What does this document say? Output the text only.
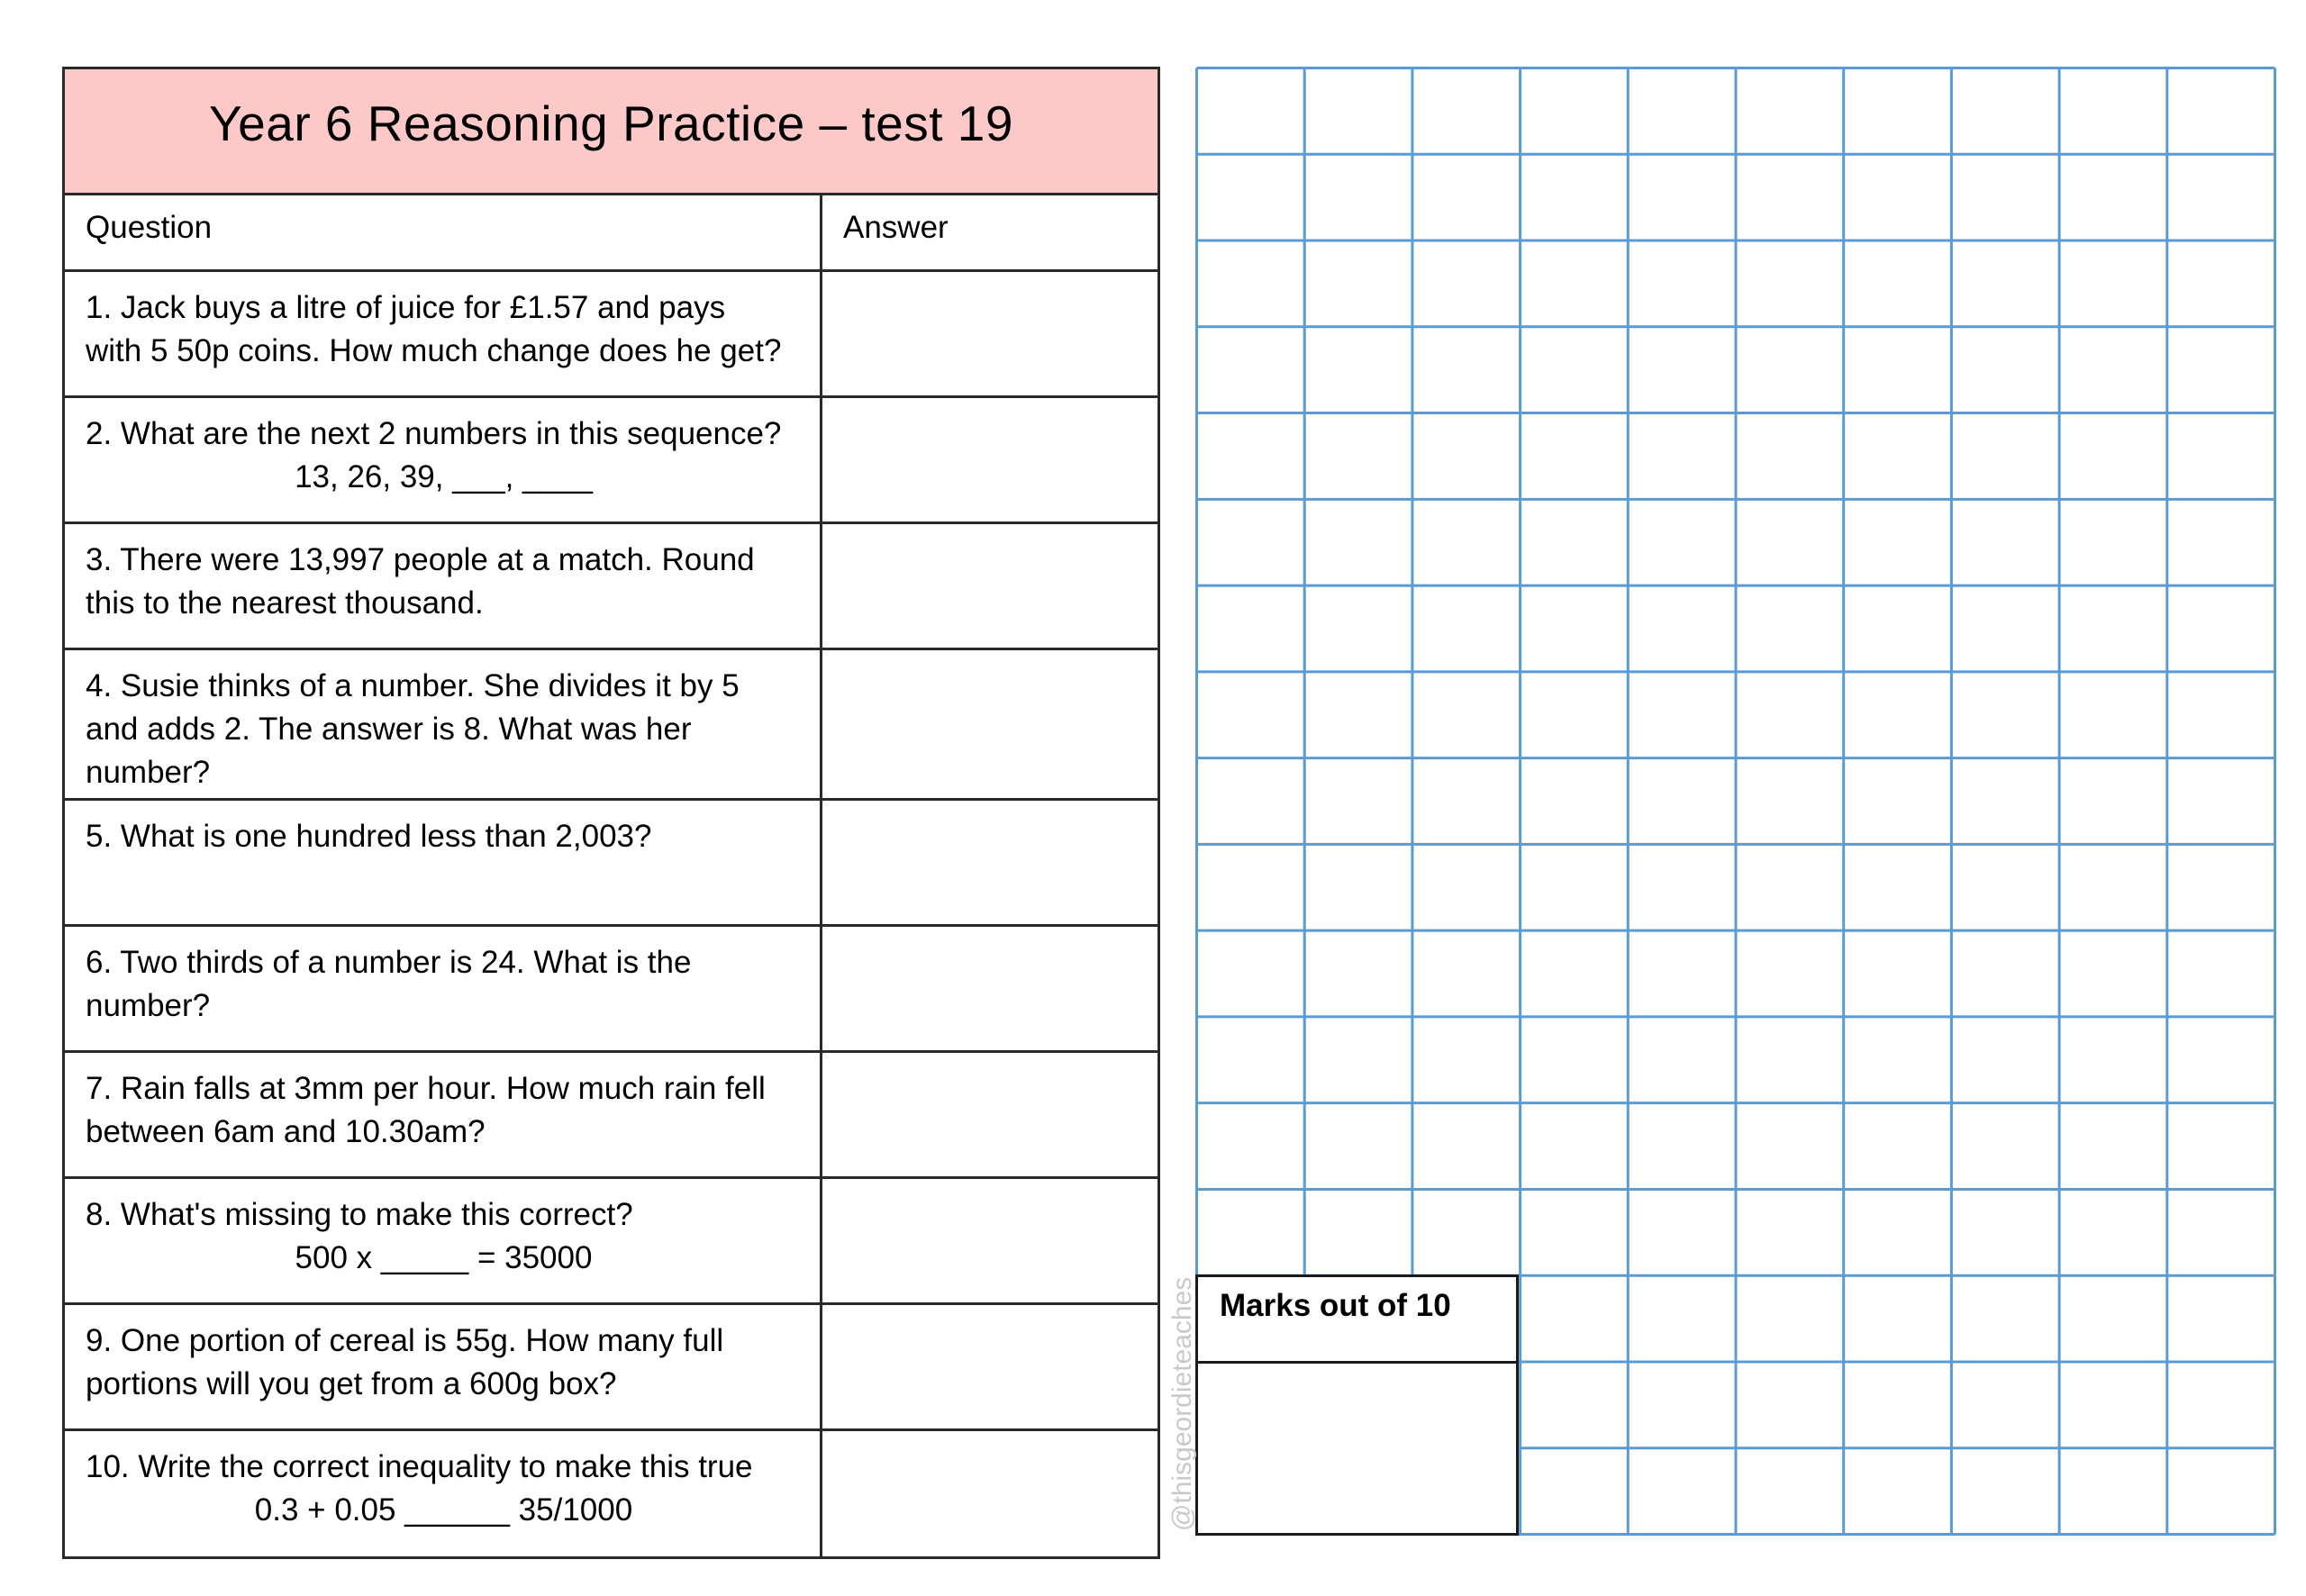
Year 6 Reasoning Practice – test 19
Question	Answer
1. Jack buys a litre of juice for £1.57 and pays
with 5 50p coins. How much change does he get?
2. What are the next 2 numbers in this sequence?
13, 26, 39, ___, ____
3. There were 13,997 people at a match. Round
this to the nearest thousand.
4. Susie thinks of a number. She divides it by 5
and adds 2. The answer is 8. What was her
number?
5. What is one hundred less than 2,003?
6. Two thirds of a number is 24. What is the
number?
7. Rain falls at 3mm per hour. How much rain fell
between 6am and 10.30am?
8. What's missing to make this correct?
500 x _____ = 35000
9. One portion of cereal is 55g. How many full
portions will you get from a 600g box?
10. Write the correct inequality to make this true
0.3 + 0.05 ______ 35/1000
Marks out of 10
@thisgeordieteaches
